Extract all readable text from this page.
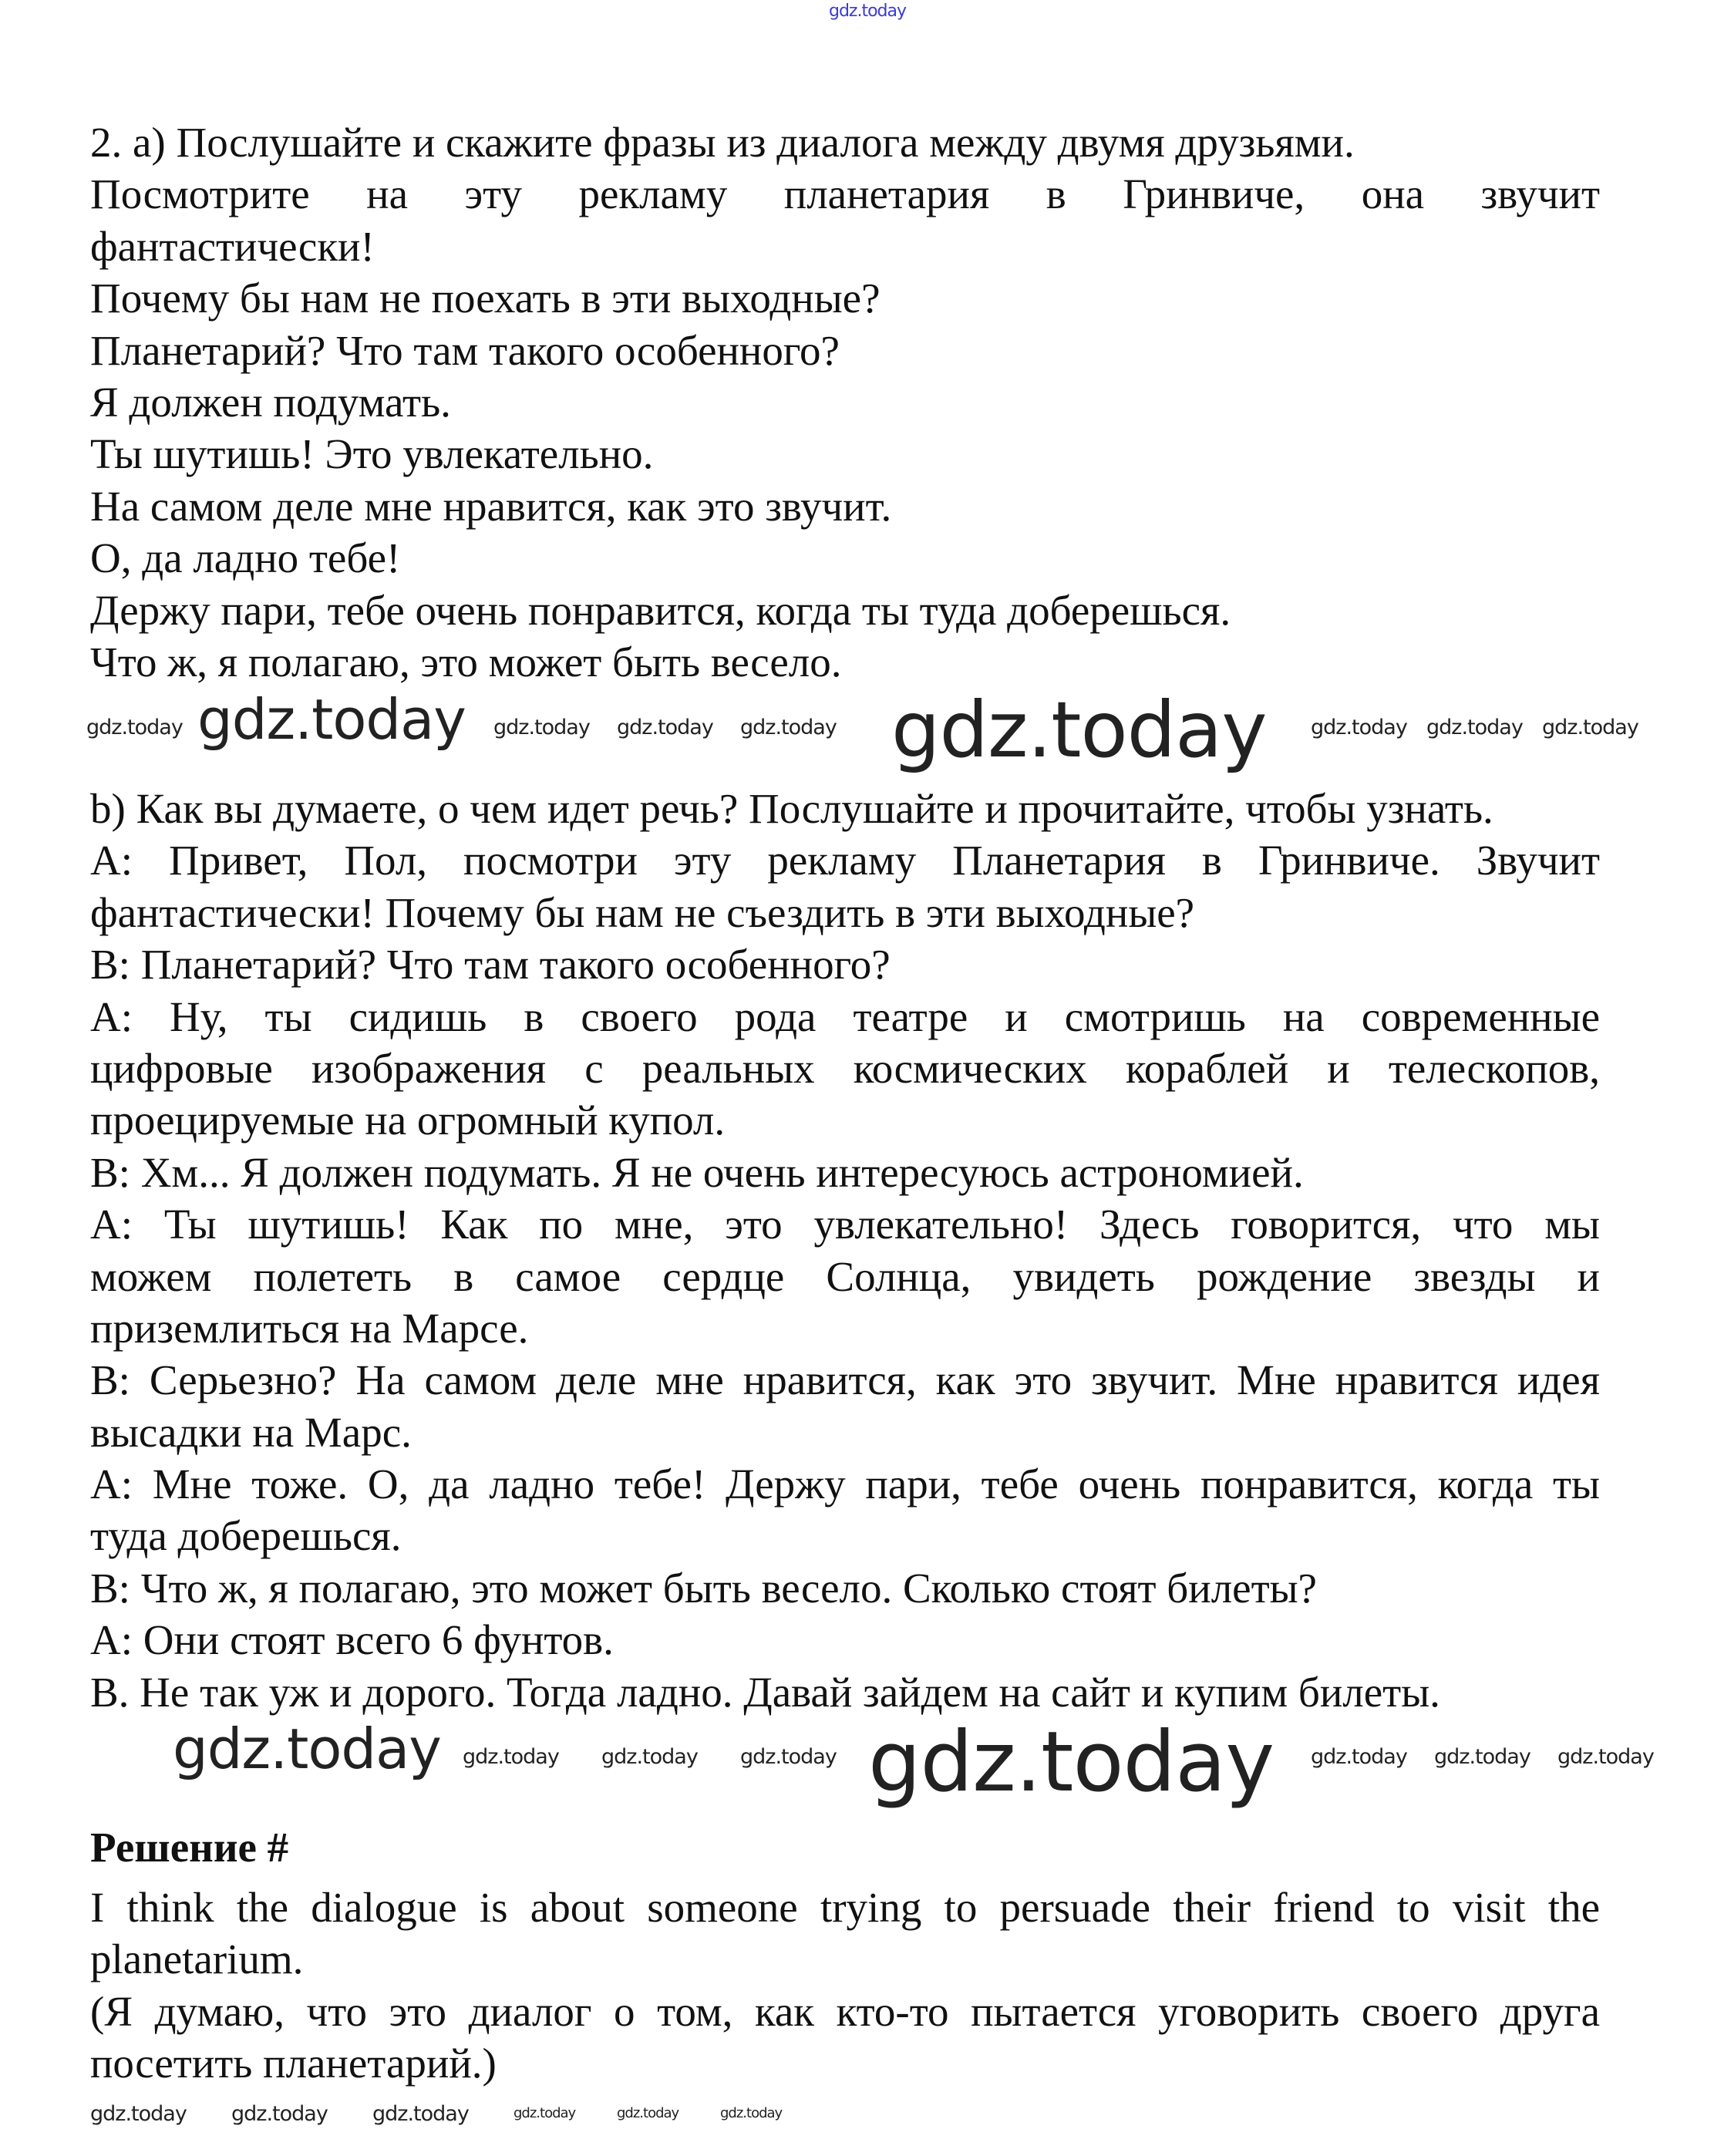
gdz.today
2. а) Послушайте и скажите фразы из диалога между двумя друзьями.
Посмотрите на эту рекламу планетария в Гринвиче, она звучит
фантастически!
Почему бы нам не поехать в эти выходные?
Планетарий? Что там такого особенного?
Я должен подумать.
Ты шутишь! Это увлекательно.
На самом деле мне нравится, как это звучит.
О, да ладно тебе!
Держу пари, тебе очень понравится, когда ты туда доберешься.
Что ж, я полагаю, это может быть весело.
b) Как вы думаете, о чем идет речь? Послушайте и прочитайте, чтобы узнать.
A: Привет, Пол, посмотри эту рекламу Планетария в Гринвиче. Звучит
фантастически! Почему бы нам не съездить в эти выходные?
B: Планетарий? Что там такого особенного?
A: Ну, ты сидишь в своего рода театре и смотришь на современные
цифровые изображения с реальных космических кораблей и телескопов,
проецируемые на огромный купол.
B: Хм... Я должен подумать. Я не очень интересуюсь астрономией.
A: Ты шутишь! Как по мне, это увлекательно! Здесь говорится, что мы
можем полететь в самое сердце Солнца, увидеть рождение звезды и
приземлиться на Марсе.
B: Серьезно? На самом деле мне нравится, как это звучит. Мне нравится идея
высадки на Марс.
A: Мне тоже. О, да ладно тебе! Держу пари, тебе очень понравится, когда ты
туда доберешься.
B: Что ж, я полагаю, это может быть весело. Сколько стоят билеты?
A: Они стоят всего 6 фунтов.
B. Не так уж и дорого. Тогда ладно. Давай зайдем на сайт и купим билеты.
Решение #
I think the dialogue is about someone trying to persuade their friend to visit the
planetarium.
(Я думаю, что это диалог о том, как кто-то пытается уговорить своего друга
посетить планетарий.)
gdz.today	gdz.today
gdz.today	gdz.today gdz.today gdz.today	gdz.today gdz.today gdz.today
gdz.today	gdz.today
gdz.today gdz.today gdz.today	gdz.today gdz.today gdz.today
gdz.today gdz.today gdz.today	gdz.today	gdz.today	gdz.today
